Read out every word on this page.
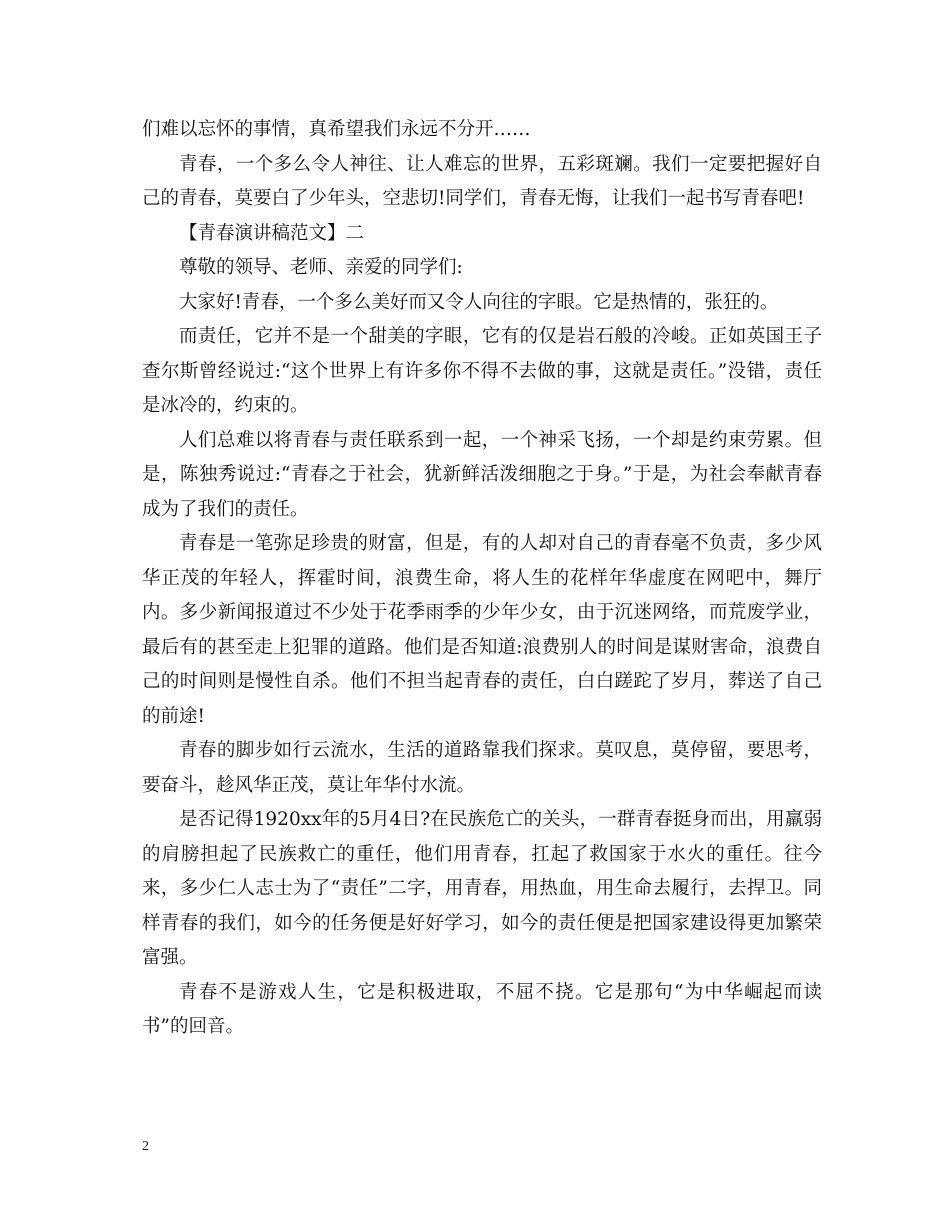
们难以忘怀的事情，真希望我们永远不分开……

青春，一个多么令人神往、让人难忘的世界，五彩斑斓。我们一定要把握好自己的青春，莫要白了少年头，空悲切!同学们，青春无悔，让我们一起书写青春吧!

【青春演讲稿范文】二

尊敬的领导、老师、亲爱的同学们:

大家好!青春，一个多么美好而又令人向往的字眼。它是热情的，张狂的。

而责任，它并不是一个甜美的字眼，它有的仅是岩石般的冷峻。正如英国王子查尔斯曾经说过:“这个世界上有许多你不得不去做的事，这就是责任。”没错，责任是冰冷的，约束的。

人们总难以将青春与责任联系到一起，一个神采飞扬，一个却是约束劳累。但是，陈独秀说过:“青春之于社会，犹新鲜活泼细胞之于身。”于是，为社会奉献青春成为了我们的责任。

青春是一笔弥足珍贵的财富，但是，有的人却对自己的青春毫不负责，多少风华正茂的年轻人，挥霍时间，浪费生命，将人生的花样年华虚度在网吧中，舞厅内。多少新闻报道过不少处于花季雨季的少年少女，由于沉迷网络，而荒废学业，最后有的甚至走上犯罪的道路。他们是否知道:浪费别人的时间是谋财害命，浪费自己的时间则是慢性自杀。他们不担当起青春的责任，白白蹉跎了岁月，葬送了自己的前途!

青春的脚步如行云流水，生活的道路靠我们探求。莫叹息，莫停留，要思考，要奋斗，趁风华正茂，莫让年华付水流。

是否记得1920xx年的5月4日?在民族危亡的关头，一群青春挺身而出，用羸弱的肩膀担起了民族救亡的重任，他们用青春，扛起了救国家于水火的重任。往今来，多少仁人志士为了“责任”二字，用青春，用热血，用生命去履行，去捍卫。同样青春的我们，如今的任务便是好好学习，如今的责任便是把国家建设得更加繁荣富强。

青春不是游戏人生，它是积极进取，不屈不挠。它是那句“为中华崛起而读书”的回音。

2
